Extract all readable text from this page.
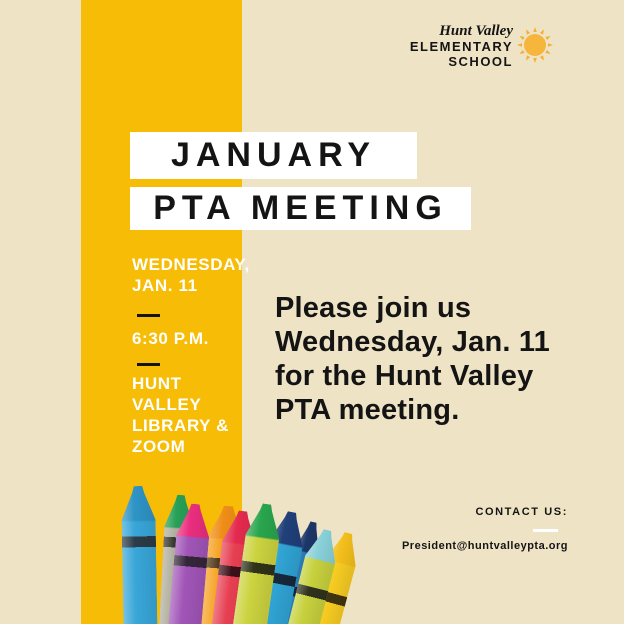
Hunt Valley
ELEMENTARY
SCHOOL
JANUARY
PTA MEETING
WEDNESDAY,
JAN. 11
6:30 P.M.
HUNT
VALLEY
LIBRARY &
ZOOM
Please join us
Wednesday, Jan. 11
for the Hunt Valley
PTA meeting.
CONTACT US:
President@huntvalleypta.org
